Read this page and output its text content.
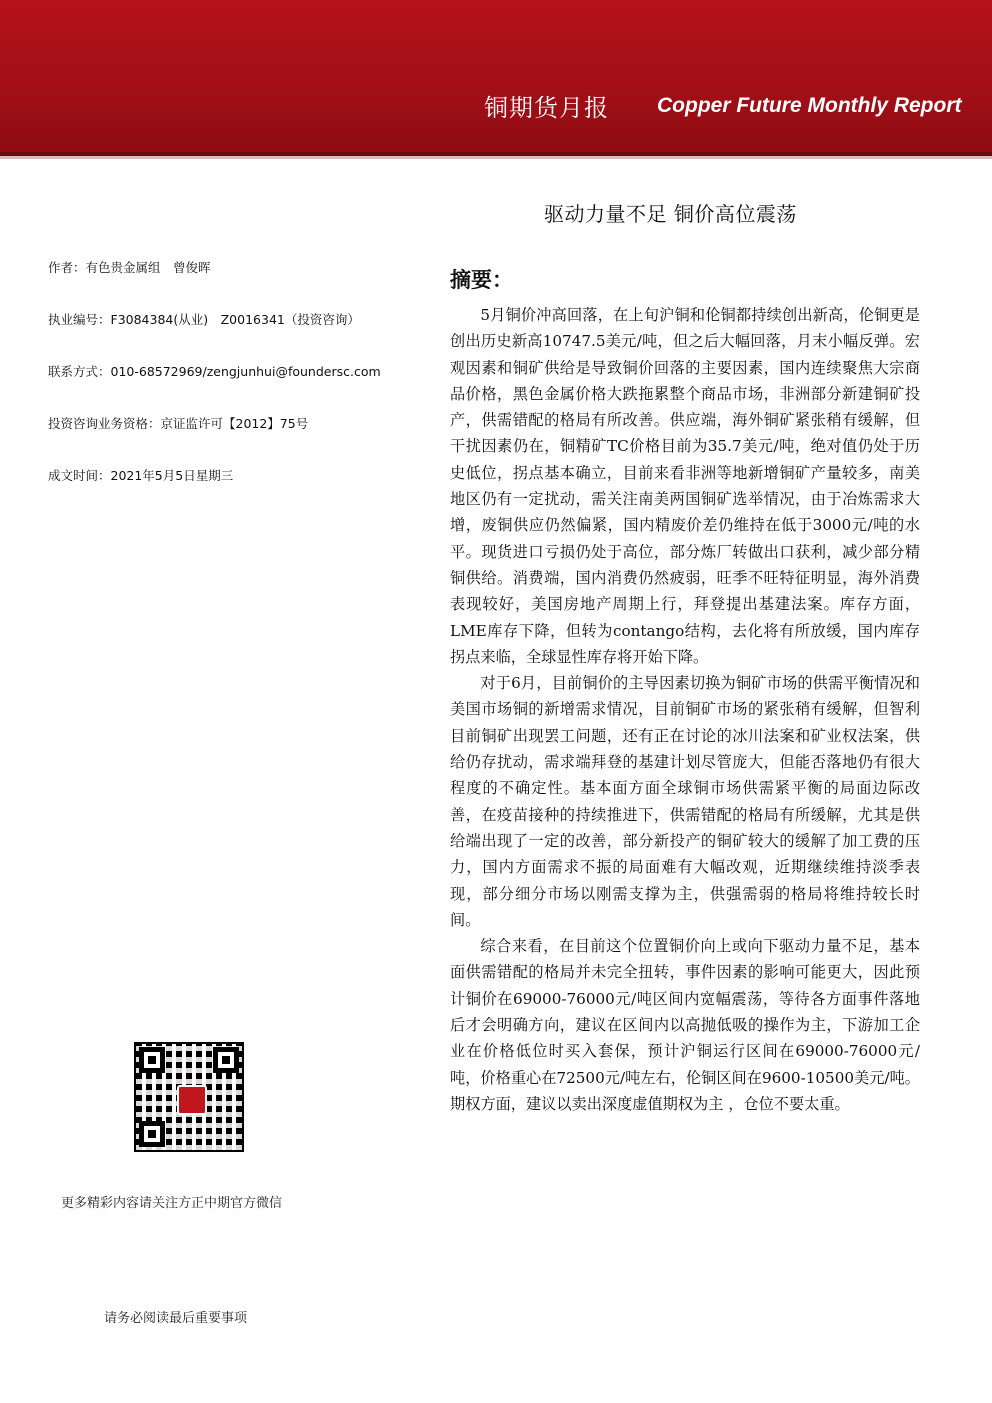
铜期货月报 Copper Future Monthly Report
驱动力量不足 铜价高位震荡
作者：有色贵金属组　曾俊晖
执业编号：F3084384(从业)　Z0016341（投资咨询）
联系方式：010-68572969/zengjunhui@foundersc.com
投资咨询业务资格：京证监许可【2012】75号
成文时间：2021年5月5日星期三
摘要：

5月铜价冲高回落，在上旬沪铜和伦铜都持续创出新高，伦铜更是创出历史新高10747.5美元/吨，但之后大幅回落，月末小幅反弹。宏观因素和铜矿供给是导致铜价回落的主要因素，国内连续聚焦大宗商品价格，黑色金属价格大跌拖累整个商品市场，非洲部分新建铜矿投产，供需错配的格局有所改善。供应端，海外铜矿紧张稍有缓解，但干扰因素仍在，铜精矿TC价格目前为35.7美元/吨，绝对值仍处于历史低位，拐点基本确立，目前来看非洲等地新增铜矿产量较多，南美地区仍有一定扰动，需关注南美两国铜矿选举情况，由于冶炼需求大增，废铜供应仍然偏紧，国内精废价差仍维持在低于3000元/吨的水平。现货进口亏损仍处于高位，部分炼厂转做出口获利，减少部分精铜供给。消费端，国内消费仍然疲弱，旺季不旺特征明显，海外消费表现较好，美国房地产周期上行，拜登提出基建法案。库存方面，LME库存下降，但转为contango结构，去化将有所放缓，国内库存拐点来临，全球显性库存将开始下降。

对于6月，目前铜价的主导因素切换为铜矿市场的供需平衡情况和美国市场铜的新增需求情况，目前铜矿市场的紧张稍有缓解，但智利目前铜矿出现罢工问题，还有正在讨论的冰川法案和矿业权法案，供给仍存扰动，需求端拜登的基建计划尽管庞大，但能否落地仍有很大程度的不确定性。基本面方面全球铜市场供需紧平衡的局面边际改善，在疫苗接种的持续推进下，供需错配的格局有所缓解，尤其是供给端出现了一定的改善，部分新投产的铜矿较大的缓解了加工费的压力，国内方面需求不振的局面难有大幅改观，近期继续维持淡季表现，部分细分市场以刚需支撑为主，供强需弱的格局将维持较长时间。

综合来看，在目前这个位置铜价向上或向下驱动力量不足，基本面供需错配的格局并未完全扭转，事件因素的影响可能更大，因此预计铜价在69000-76000元/吨区间内宽幅震荡，等待各方面事件落地后才会明确方向，建议在区间内以高抛低吸的操作为主，下游加工企业在价格低位时买入套保，预计沪铜运行区间在69000-76000元/吨，价格重心在72500元/吨左右，伦铜区间在9600-10500美元/吨。期权方面，建议以卖出深度虚值期权为主 ，仓位不要太重。

更多精彩内容请关注方正中期官方微信
请务必阅读最后重要事项
